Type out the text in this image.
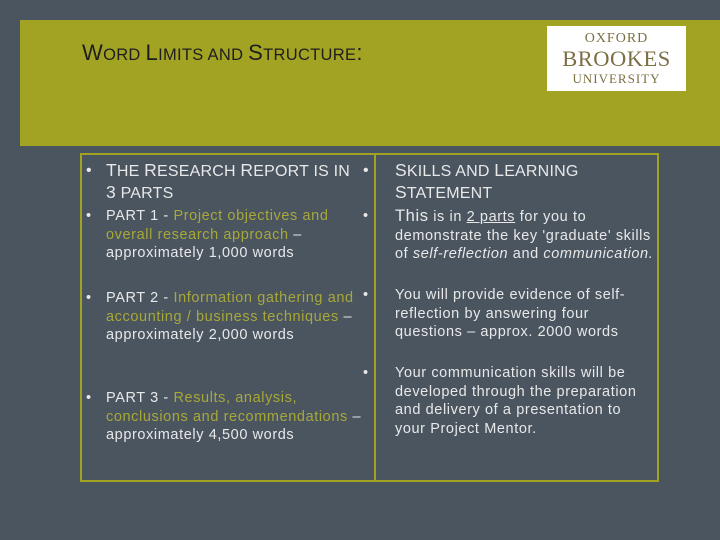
WORD LIMITS AND STRUCTURE:
OXFORD
BROOKES
UNIVERSITY
• THE RESEARCH REPORT IS IN
3 PARTS
• PART 1 - Project objectives and overall research approach – approximately 1,000 words
• PART 2 - Information gathering and accounting / business techniques – approximately 2,000 words
• PART 3 - Results, analysis, conclusions and recommendations – approximately 4,500 words
• SKILLS AND LEARNING
STATEMENT
• This is in 2 parts for you to demonstrate the key 'graduate' skills of self-reflection and communication.
• You will provide evidence of self-reflection by answering four questions – approx. 2000 words
• Your communication skills will be developed through the preparation and delivery of a presentation to your Project Mentor.
